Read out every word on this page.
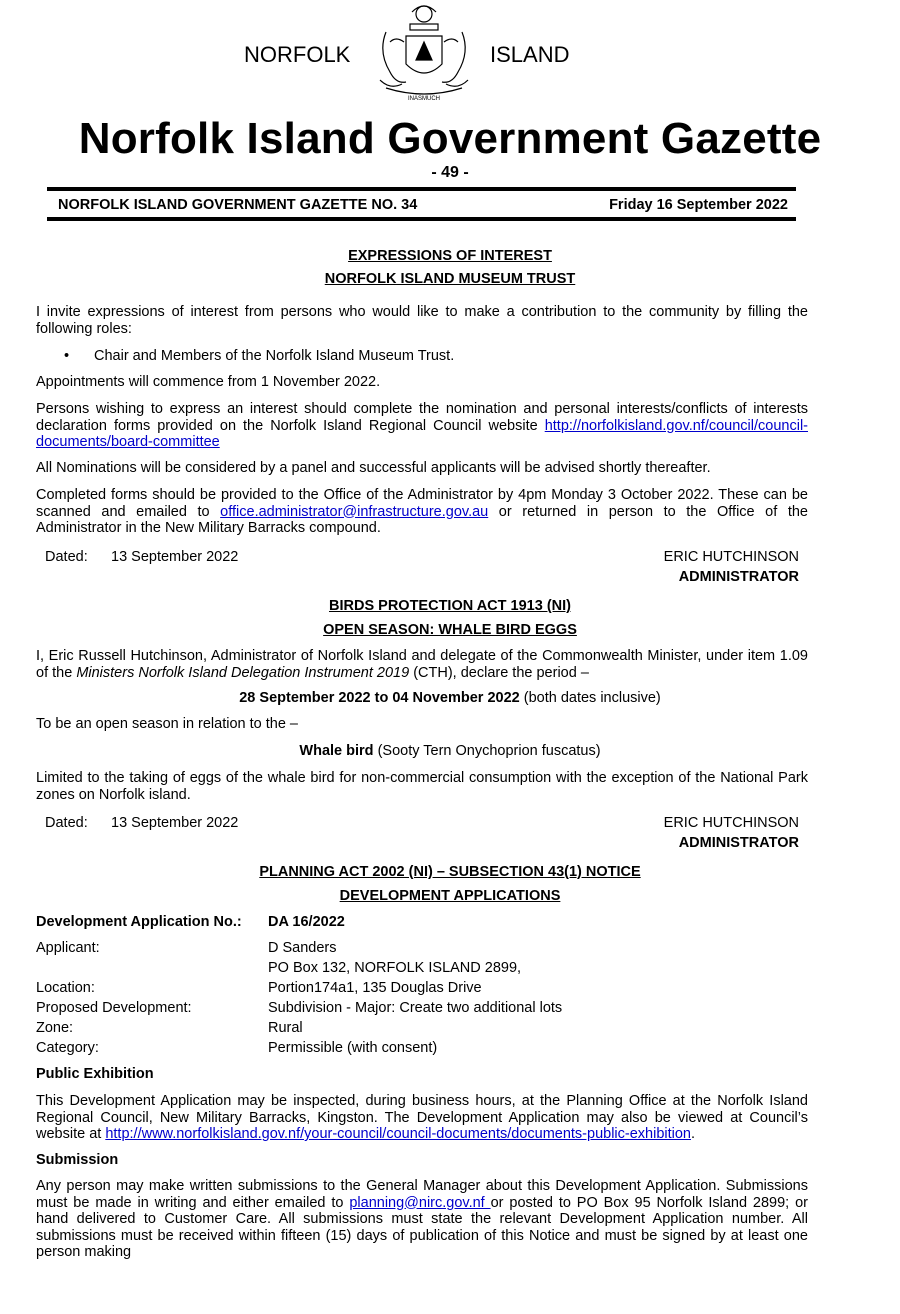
NORFOLK	ISLAND
INASMUCH
Norfolk Island Government Gazette
- 49 -
NORFOLK ISLAND GOVERNMENT GAZETTE NO. 34	Friday 16 September 2022
EXPRESSIONS OF INTEREST
NORFOLK ISLAND MUSEUM TRUST
I invite expressions of interest from persons who would like to make a contribution to the community by filling the following roles:
• Chair and Members of the Norfolk Island Museum Trust.
Appointments will commence from 1 November 2022.
Persons wishing to express an interest should complete the nomination and personal interests/conflicts of interests declaration forms provided on the Norfolk Island Regional Council website http://norfolkisland.gov.nf/council/council-documents/board-committee
All Nominations will be considered by a panel and successful applicants will be advised shortly thereafter.
Completed forms should be provided to the Office of the Administrator by 4pm Monday 3 October 2022. These can be scanned and emailed to office.administrator@infrastructure.gov.au or returned in person to the Office of the Administrator in the New Military Barracks compound.
Dated: 13 September 2022	ERIC HUTCHINSON
ADMINISTRATOR
BIRDS PROTECTION ACT 1913 (NI)
OPEN SEASON: WHALE BIRD EGGS
I, Eric Russell Hutchinson, Administrator of Norfolk Island and delegate of the Commonwealth Minister, under item 1.09 of the Ministers Norfolk Island Delegation Instrument 2019 (CTH), declare the period –
28 September 2022 to 04 November 2022 (both dates inclusive)
To be an open season in relation to the –
Whale bird (Sooty Tern Onychoprion fuscatus)
Limited to the taking of eggs of the whale bird for non-commercial consumption with the exception of the National Park zones on Norfolk island.
Dated: 13 September 2022	ERIC HUTCHINSON
ADMINISTRATOR
PLANNING ACT 2002 (NI) – SUBSECTION 43(1) NOTICE
DEVELOPMENT APPLICATIONS
Development Application No.: DA 16/2022
Applicant:	D Sanders
PO Box 132, NORFOLK ISLAND 2899,
Location:	Portion174a1, 135 Douglas Drive
Proposed Development:	Subdivision - Major: Create two additional lots
Zone:	Rural
Category:	Permissible (with consent)
Public Exhibition
This Development Application may be inspected, during business hours, at the Planning Office at the Norfolk Island Regional Council, New Military Barracks, Kingston. The Development Application may also be viewed at Council’s website at http://www.norfolkisland.gov.nf/your-council/council-documents/documents-public-exhibition.
Submission
Any person may make written submissions to the General Manager about this Development Application. Submissions must be made in writing and either emailed to planning@nirc.gov.nf or posted to PO Box 95 Norfolk Island 2899; or hand delivered to Customer Care. All submissions must state the relevant Development Application number. All submissions must be received within fifteen (15) days of publication of this Notice and must be signed by at least one person making
